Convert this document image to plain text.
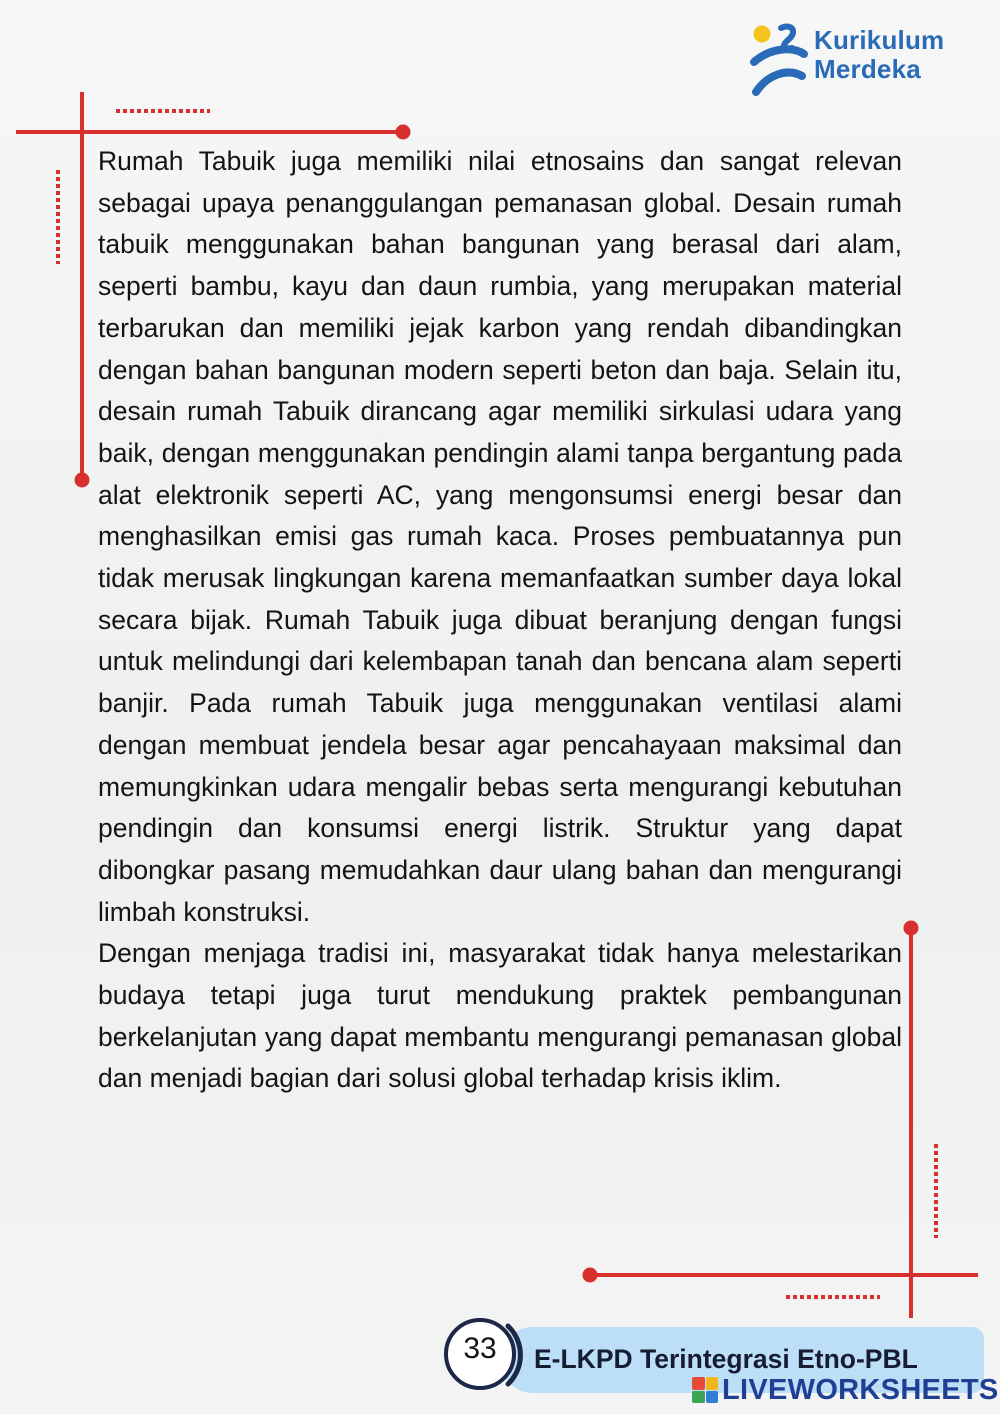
Kurikulum
Merdeka

Rumah Tabuik juga memiliki nilai etnosains dan sangat relevan sebagai upaya penanggulangan pemanasan global. Desain rumah tabuik menggunakan bahan bangunan yang berasal dari alam, seperti bambu, kayu dan daun rumbia, yang merupakan material terbarukan dan memiliki jejak karbon yang rendah dibandingkan dengan bahan bangunan modern seperti beton dan baja. Selain itu, desain rumah Tabuik dirancang agar memiliki sirkulasi udara yang baik, dengan menggunakan pendingin alami tanpa bergantung pada alat elektronik seperti AC, yang mengonsumsi energi besar dan menghasilkan emisi gas rumah kaca. Proses pembuatannya pun tidak merusak lingkungan karena memanfaatkan sumber daya lokal secara bijak. Rumah Tabuik juga dibuat beranjung dengan fungsi untuk melindungi dari kelembapan tanah dan bencana alam seperti banjir. Pada rumah Tabuik juga menggunakan ventilasi alami dengan membuat jendela besar agar pencahayaan maksimal dan memungkinkan udara mengalir bebas serta mengurangi kebutuhan pendingin dan konsumsi energi listrik. Struktur yang dapat dibongkar pasang memudahkan daur ulang bahan dan mengurangi limbah konstruksi.

Dengan menjaga tradisi ini, masyarakat tidak hanya melestarikan budaya tetapi juga turut mendukung praktek pembangunan berkelanjutan yang dapat membantu mengurangi pemanasan global dan menjadi bagian dari solusi global terhadap krisis iklim.

33	E-LKPD Terintegrasi Etno-PBL
LIVEWORKSHEETS
